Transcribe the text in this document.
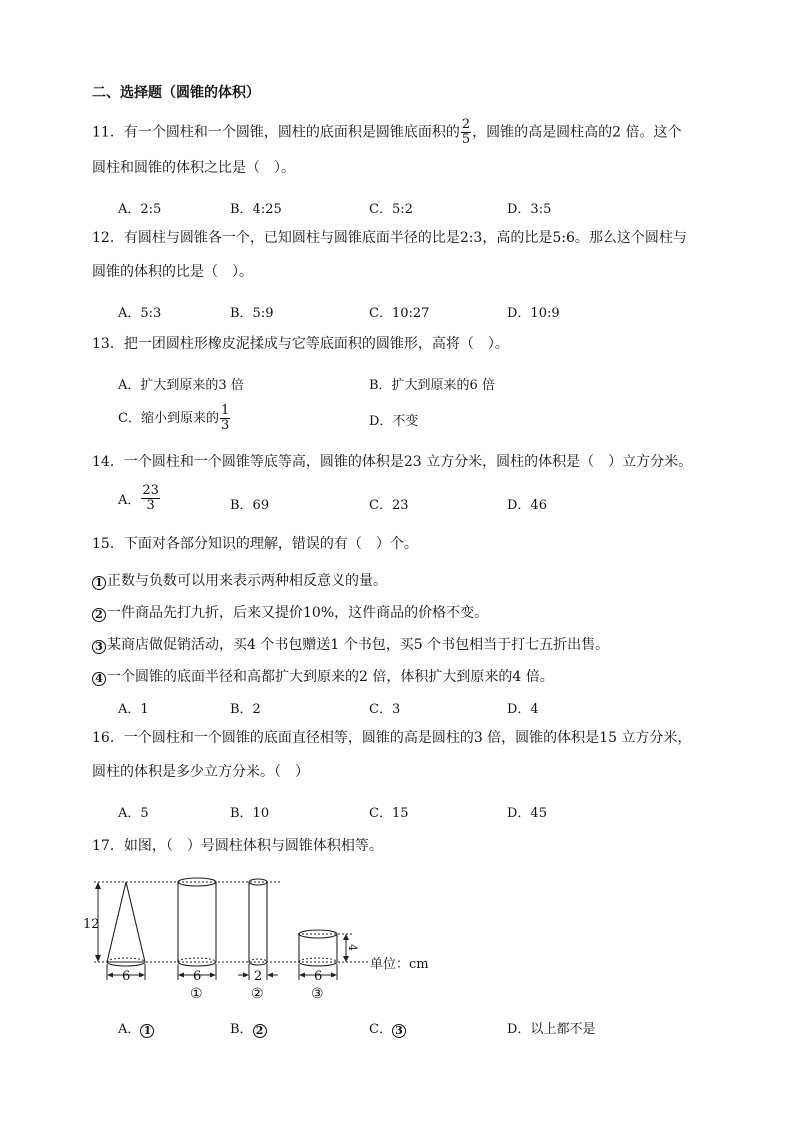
二、选择题（圆锥的体积）
11．有一个圆柱和一个圆锥，圆柱的底面积是圆锥底面积的 $\frac{2}{5}$ ，圆锥的高是圆柱高的2 倍。这个
圆柱和圆锥的体积之比是（　）。
A．2:5	B．4:25	C．5:2	D．3:5
12．有圆柱与圆锥各一个，已知圆柱与圆锥底面半径的比是2:3，高的比是5:6。那么这个圆柱与
圆锥的体积的比是（　）。
A．5:3	B．5:9	C．10:27	D．10:9
13．把一团圆柱形橡皮泥揉成与它等底面积的圆锥形，高将（　）。
A．扩大到原来的3 倍	B．扩大到原来的6 倍
C．缩小到原来的 $\frac{1}{3}$	D．不变
14．一个圆柱和一个圆锥等底等高，圆锥的体积是23 立方分米，圆柱的体积是（　）立方分米。
A． $\frac{23}{3}$	B．69	C．23	D．46
15．下面对各部分知识的理解，错误的有（　）个。
1 正数与负数可以用来表示两种相反意义的量。
2 一件商品先打九折，后来又提价10%，这件商品的价格不变。
3 某商店做促销活动，买4 个书包赠送1 个书包，买5 个书包相当于打七五折出售。
4 一个圆锥的底面半径和高都扩大到原来的2 倍，体积扩大到原来的4 倍。
A．1	B．2	C．3	D．4
16．一个圆柱和一个圆锥的底面直径相等，圆锥的高是圆柱的3 倍，圆锥的体积是15 立方分米，
圆柱的体积是多少立方分米。（　）
A．5	B．10	C．15	D．45
17．如图，（　）号圆柱体积与圆锥体积相等。
12
6	6
①
2
②
4
6
③
单位：cm
A． 1	B． 2	C． 3	D．以上都不是
